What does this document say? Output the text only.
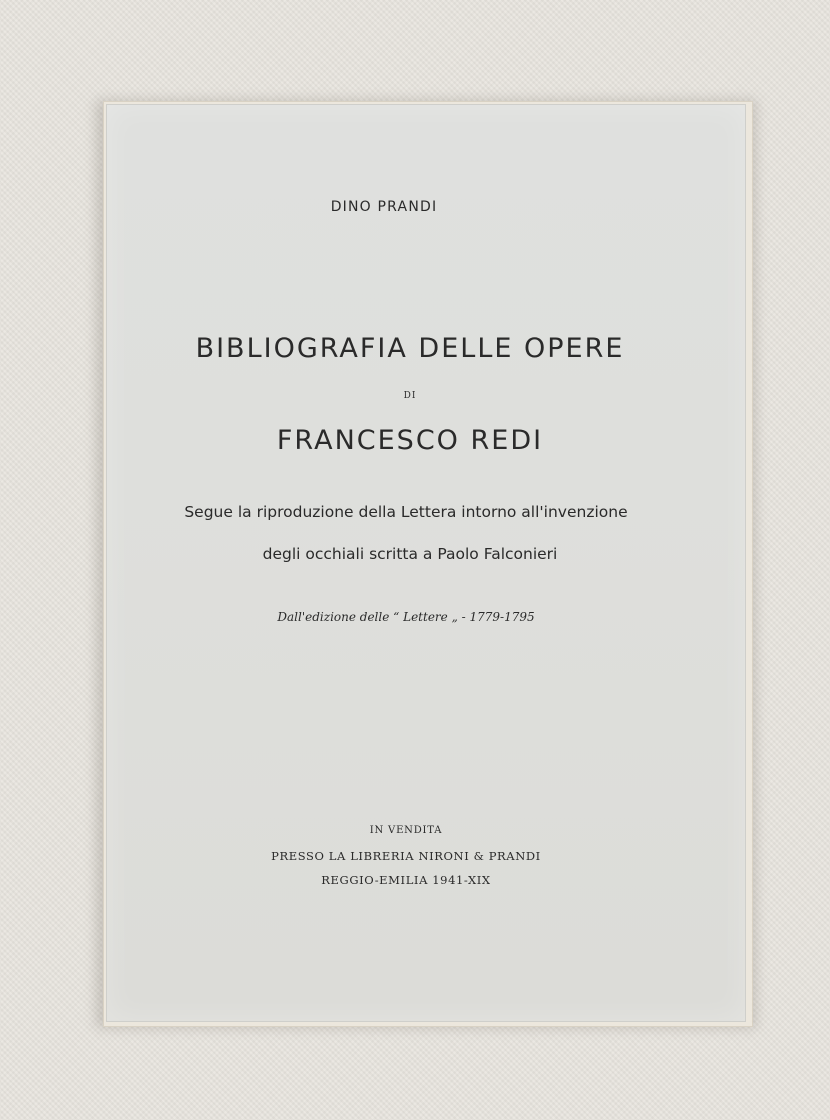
DINO PRANDI
BIBLIOGRAFIA DELLE OPERE
DI
FRANCESCO REDI
Segue la riproduzione della Lettera intorno all'invenzione
degli occhiali scritta a Paolo Falconieri
Dall'edizione delle “ Lettere „ - 1779-1795
IN VENDITA
PRESSO LA LIBRERIA NIRONI & PRANDI
REGGIO-EMILIA 1941-XIX
